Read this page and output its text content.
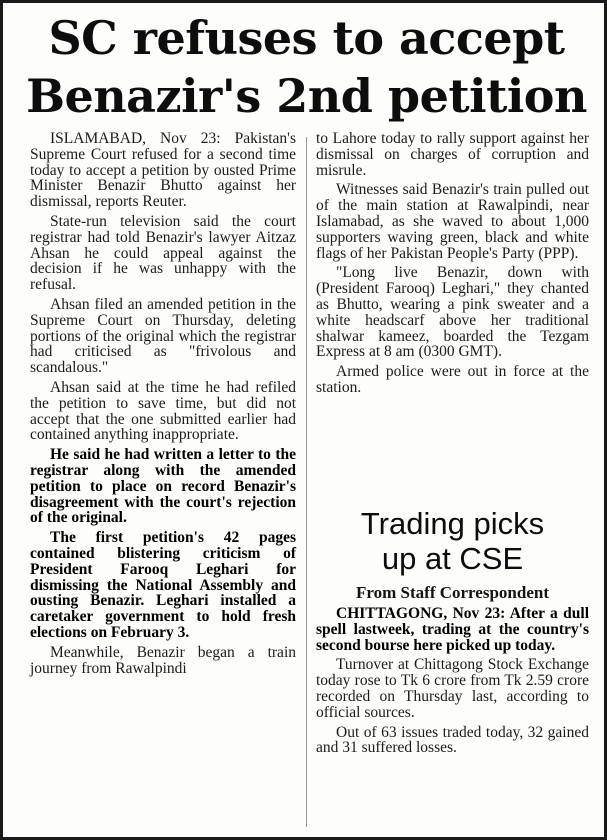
SC refuses to accept
Benazir's 2nd petition

ISLAMABAD, Nov 23: Pakistan's Supreme Court refused for a second time today to accept a petition by ousted Prime Minister Benazir Bhutto against her dismissal, reports Reuter.

State-run television said the court registrar had told Benazir's lawyer Aitzaz Ahsan he could appeal against the decision if he was unhappy with the refusal.

Ahsan filed an amended petition in the Supreme Court on Thursday, deleting portions of the original which the registrar had criticised as "frivolous and scandalous."

Ahsan said at the time he had refiled the petition to save time, but did not accept that the one submitted earlier had contained anything inappropriate.

He said he had written a letter to the registrar along with the amended petition to place on record Benazir's disagreement with the court's rejection of the original.

The first petition's 42 pages contained blistering criticism of President Farooq Leghari for dismissing the National Assembly and ousting Benazir. Leghari installed a caretaker government to hold fresh elections on February 3.

Meanwhile, Benazir began a train journey from Rawalpindi

to Lahore today to rally support against her dismissal on charges of corruption and misrule.

Witnesses said Benazir's train pulled out of the main station at Rawalpindi, near Islamabad, as she waved to about 1,000 supporters waving green, black and white flags of her Pakistan People's Party (PPP).

"Long live Benazir, down with (President Farooq) Leghari," they chanted as Bhutto, wearing a pink sweater and a white headscarf above her traditional shalwar kameez, boarded the Tezgam Express at 8 am (0300 GMT).

Armed police were out in force at the station.

Trading picks
up at CSE
From Staff Correspondent

CHITTAGONG, Nov 23: After a dull spell lastweek, trading at the country's second bourse here picked up today.

Turnover at Chittagong Stock Exchange today rose to Tk 6 crore from Tk 2.59 crore recorded on Thursday last, according to official sources.

Out of 63 issues traded today, 32 gained and 31 suffered losses.
